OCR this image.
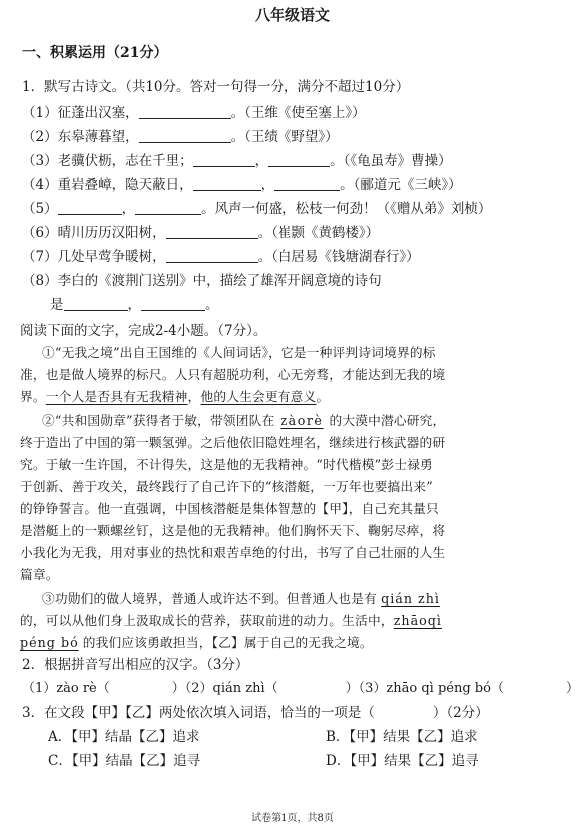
八年级语文
一、积累运用（21分）
1．默写古诗文。（共10分。答对一句得一分，满分不超过10分）
（1）征蓬出汉塞，	。（王维《使至塞上》）
（2）东皋薄暮望，	。（王绩《野望》）
（3）老骥伏枥，志在千里；	，	。（《龟虽寿》曹操）
（4）重岩叠嶂，隐天蔽日，	，	。（郦道元《三峡》）
（5）	，	。风声一何盛，松枝一何劲！（《赠从弟》刘桢）
（6）晴川历历汉阳树，	。（崔颢《黄鹤楼》）
（7）几处早莺争暖树，	。（白居易《钱塘湖春行》）
（8）李白的《渡荆门送别》中，描绘了雄浑开阔意境的诗句
是	，	。
阅读下面的文字，完成2-4小题。（7分）。
①“无我之境”出自王国维的《人间词话》，它是一种评判诗词境界的标
准，也是做人境界的标尺。人只有超脱功利，心无旁骛，才能达到无我的境
界。一个人是否具有无我精神，他的人生会更有意义。
②“共和国勋章”获得者于敏，带领团队在 zàorè 的大漠中潜心研究，
终于造出了中国的第一颗氢弹。之后他依旧隐姓埋名，继续进行核武器的研
究。于敏一生许国，不计得失，这是他的无我精神。“时代楷模”彭士禄勇
于创新、善于攻关，最终践行了自己许下的“核潜艇，一万年也要搞出来”
的铮铮誓言。他一直强调，中国核潜艇是集体智慧的【甲】，自己充其量只
是潜艇上的一颗螺丝钉，这是他的无我精神。他们胸怀天下、鞠躬尽瘁，将
小我化为无我，用对事业的热忱和艰苦卓绝的付出，书写了自己壮丽的人生
篇章。
③功勋们的做人境界，普通人或许达不到。但普通人也是有 qián zhì
的，可以从他们身上汲取成长的营养，获取前进的动力。生活中，zhāoqì
péng bó 的我们应该勇敢担当，【乙】属于自己的无我之境。
2．根据拼音写出相应的汉字。（3分）
（1）zào rè（	）（2）qián zhì（	）（3）zhāo qì péng bó（	）
3．在文段【甲】【乙】两处依次填入词语，恰当的一项是（	）（2分）
A．【甲】结晶【乙】追求	B．【甲】结果【乙】追求
C．【甲】结晶【乙】追寻	D．【甲】结果【乙】追寻
试卷第1页，共8页
